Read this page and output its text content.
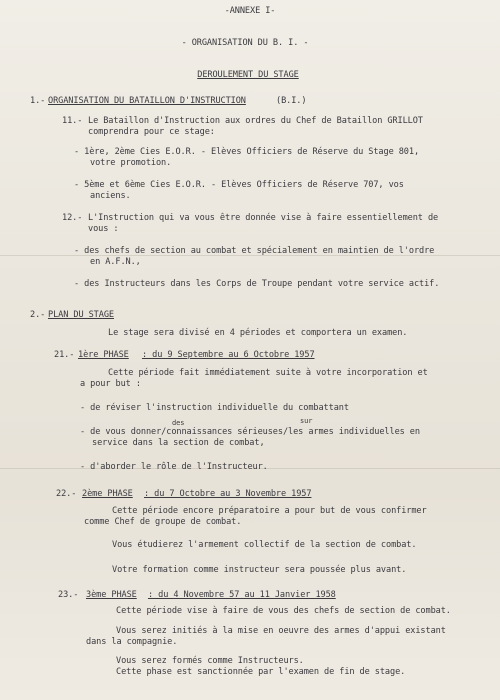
-ANNEXE I-
- ORGANISATION DU B. I. -
DEROULEMENT DU STAGE
1.- ORGANISATION DU BATAILLON D'INSTRUCTION	(B.I.)
11.- Le Bataillon d'Instruction aux ordres du Chef de Bataillon GRILLOT
comprendra pour ce stage:
- 1ère, 2ème Cies E.O.R. - Elèves Officiers de Réserve du Stage 801,
votre promotion.
- 5ème et 6ème Cies E.O.R. - Elèves Officiers de Réserve 707, vos
anciens.
12.- L'Instruction qui va vous être donnée vise à faire essentiellement de
vous :
- des chefs de section au combat et spécialement en maintien de l'ordre
en A.F.N.,
- des Instructeurs dans les Corps de Troupe pendant votre service actif.
2.- PLAN DU STAGE
Le stage sera divisé en 4 périodes et comportera un examen.
21.- 1ère PHASE : du 9 Septembre au 6 Octobre 1957
Cette période fait immédiatement suite à votre incorporation et
a pour but :
- de réviser l'instruction individuelle du combattant
des	sur
- de vous donner/connaissances sérieuses/les armes individuelles en
service dans la section de combat,
- d'aborder le rôle de l'Instructeur.
22.- 2ème PHASE : du 7 Octobre au 3 Novembre 1957
Cette période encore préparatoire a pour but de vous confirmer
comme Chef de groupe de combat.
Vous étudierez l'armement collectif de la section de combat.
Votre formation comme instructeur sera poussée plus avant.
23.- 3ème PHASE : du 4 Novembre 57 au 11 Janvier 1958
Cette période vise à faire de vous des chefs de section de combat.
Vous serez initiés à la mise en oeuvre des armes d'appui existant
dans la compagnie.
Vous serez formés comme Instructeurs.
Cette phase est sanctionnée par l'examen de fin de stage.
